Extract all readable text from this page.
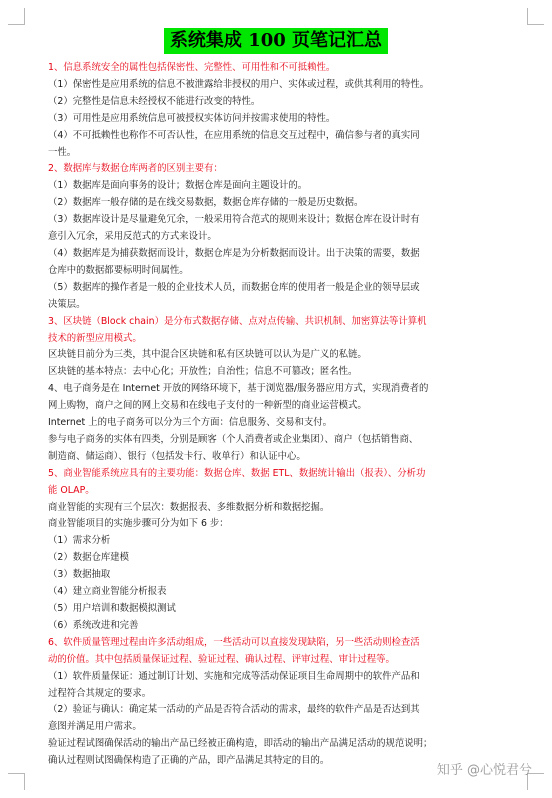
系统集成 100 页笔记汇总

1、信息系统安全的属性包括保密性、完整性、可用性和不可抵赖性。

（1）保密性是应用系统的信息不被泄露给非授权的用户、实体或过程，或供其利用的特性。

（2）完整性是信息未经授权不能进行改变的特性。

（3）可用性是应用系统信息可被授权实体访问并按需求使用的特性。

（4）不可抵赖性也称作不可否认性，在应用系统的信息交互过程中，确信参与者的真实同

一性。

2、数据库与数据仓库两者的区别主要有：

（1）数据库是面向事务的设计；数据仓库是面向主题设计的。

（2）数据库一般存储的是在线交易数据，数据仓库存储的一般是历史数据。

（3）数据库设计是尽量避免冗余，一般采用符合范式的规则来设计；数据仓库在设计时有

意引入冗余，采用反范式的方式来设计。

（4）数据库是为捕获数据而设计，数据仓库是为分析数据而设计。出于决策的需要，数据

仓库中的数据都要标明时间属性。

（5）数据库的操作者是一般的企业技术人员，而数据仓库的使用者一般是企业的领导层或

决策层。

3、区块链（Block chain）是分布式数据存储、点对点传输、共识机制、加密算法等计算机

技术的新型应用模式。

区块链目前分为三类，其中混合区块链和私有区块链可以认为是广义的私链。

区块链的基本特点：去中心化；开放性；自治性；信息不可篡改；匿名性。

4、电子商务是在 Internet 开放的网络环境下，基于浏览器/服务器应用方式，实现消费者的

网上购物，商户之间的网上交易和在线电子支付的一种新型的商业运营模式。

Internet 上的电子商务可以分为三个方面：信息服务、交易和支付。

参与电子商务的实体有四类，分别是顾客（个人消费者或企业集团）、商户（包括销售商、

制造商、储运商）、银行（包括发卡行、收单行）和认证中心。

5、商业智能系统应具有的主要功能：数据仓库、数据 ETL、数据统计输出（报表）、分析功

能 OLAP。

商业智能的实现有三个层次：数据报表、多维数据分析和数据挖掘。

商业智能项目的实施步骤可分为如下 6 步：

（1）需求分析

（2）数据仓库建模

（3）数据抽取

（4）建立商业智能分析报表

（5）用户培训和数据模拟测试

（6）系统改进和完善

6、软件质量管理过程由许多活动组成，一些活动可以直接发现缺陷，另一些活动则检查活

动的价值。其中包括质量保证过程、验证过程、确认过程、评审过程、审计过程等。

（1）软件质量保证：通过制订计划、实施和完成等活动保证项目生命周期中的软件产品和

过程符合其规定的要求。

（2）验证与确认：确定某一活动的产品是否符合活动的需求，最终的软件产品是否达到其

意图并满足用户需求。

验证过程试图确保活动的输出产品已经被正确构造，即活动的输出产品满足活动的规范说明；

确认过程则试图确保构造了正确的产品，即产品满足其特定的目的。

知乎 @心悦君兮
